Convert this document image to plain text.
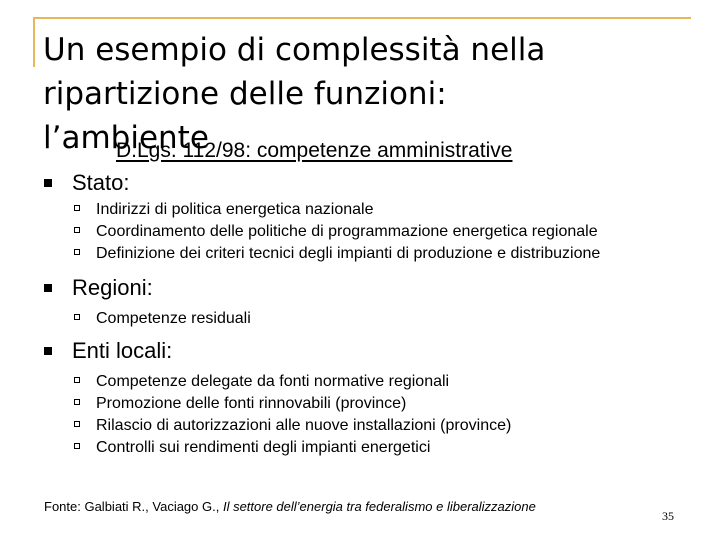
Un esempio di complessità nella
ripartizione delle funzioni:
l’ambiente
D.Lgs. 112/98: competenze amministrative
Stato:
Indirizzi di politica energetica nazionale
Coordinamento delle politiche di programmazione energetica regionale
Definizione dei criteri tecnici degli impianti di produzione e distribuzione
Regioni:
Competenze residuali
Enti locali:
Competenze delegate da fonti normative regionali
Promozione delle fonti rinnovabili (province)
Rilascio di autorizzazioni alle nuove installazioni (province)
Controlli sui rendimenti degli impianti energetici
Fonte: Galbiati R., Vaciago G., Il settore dell’energia tra federalismo e liberalizzazione
35
